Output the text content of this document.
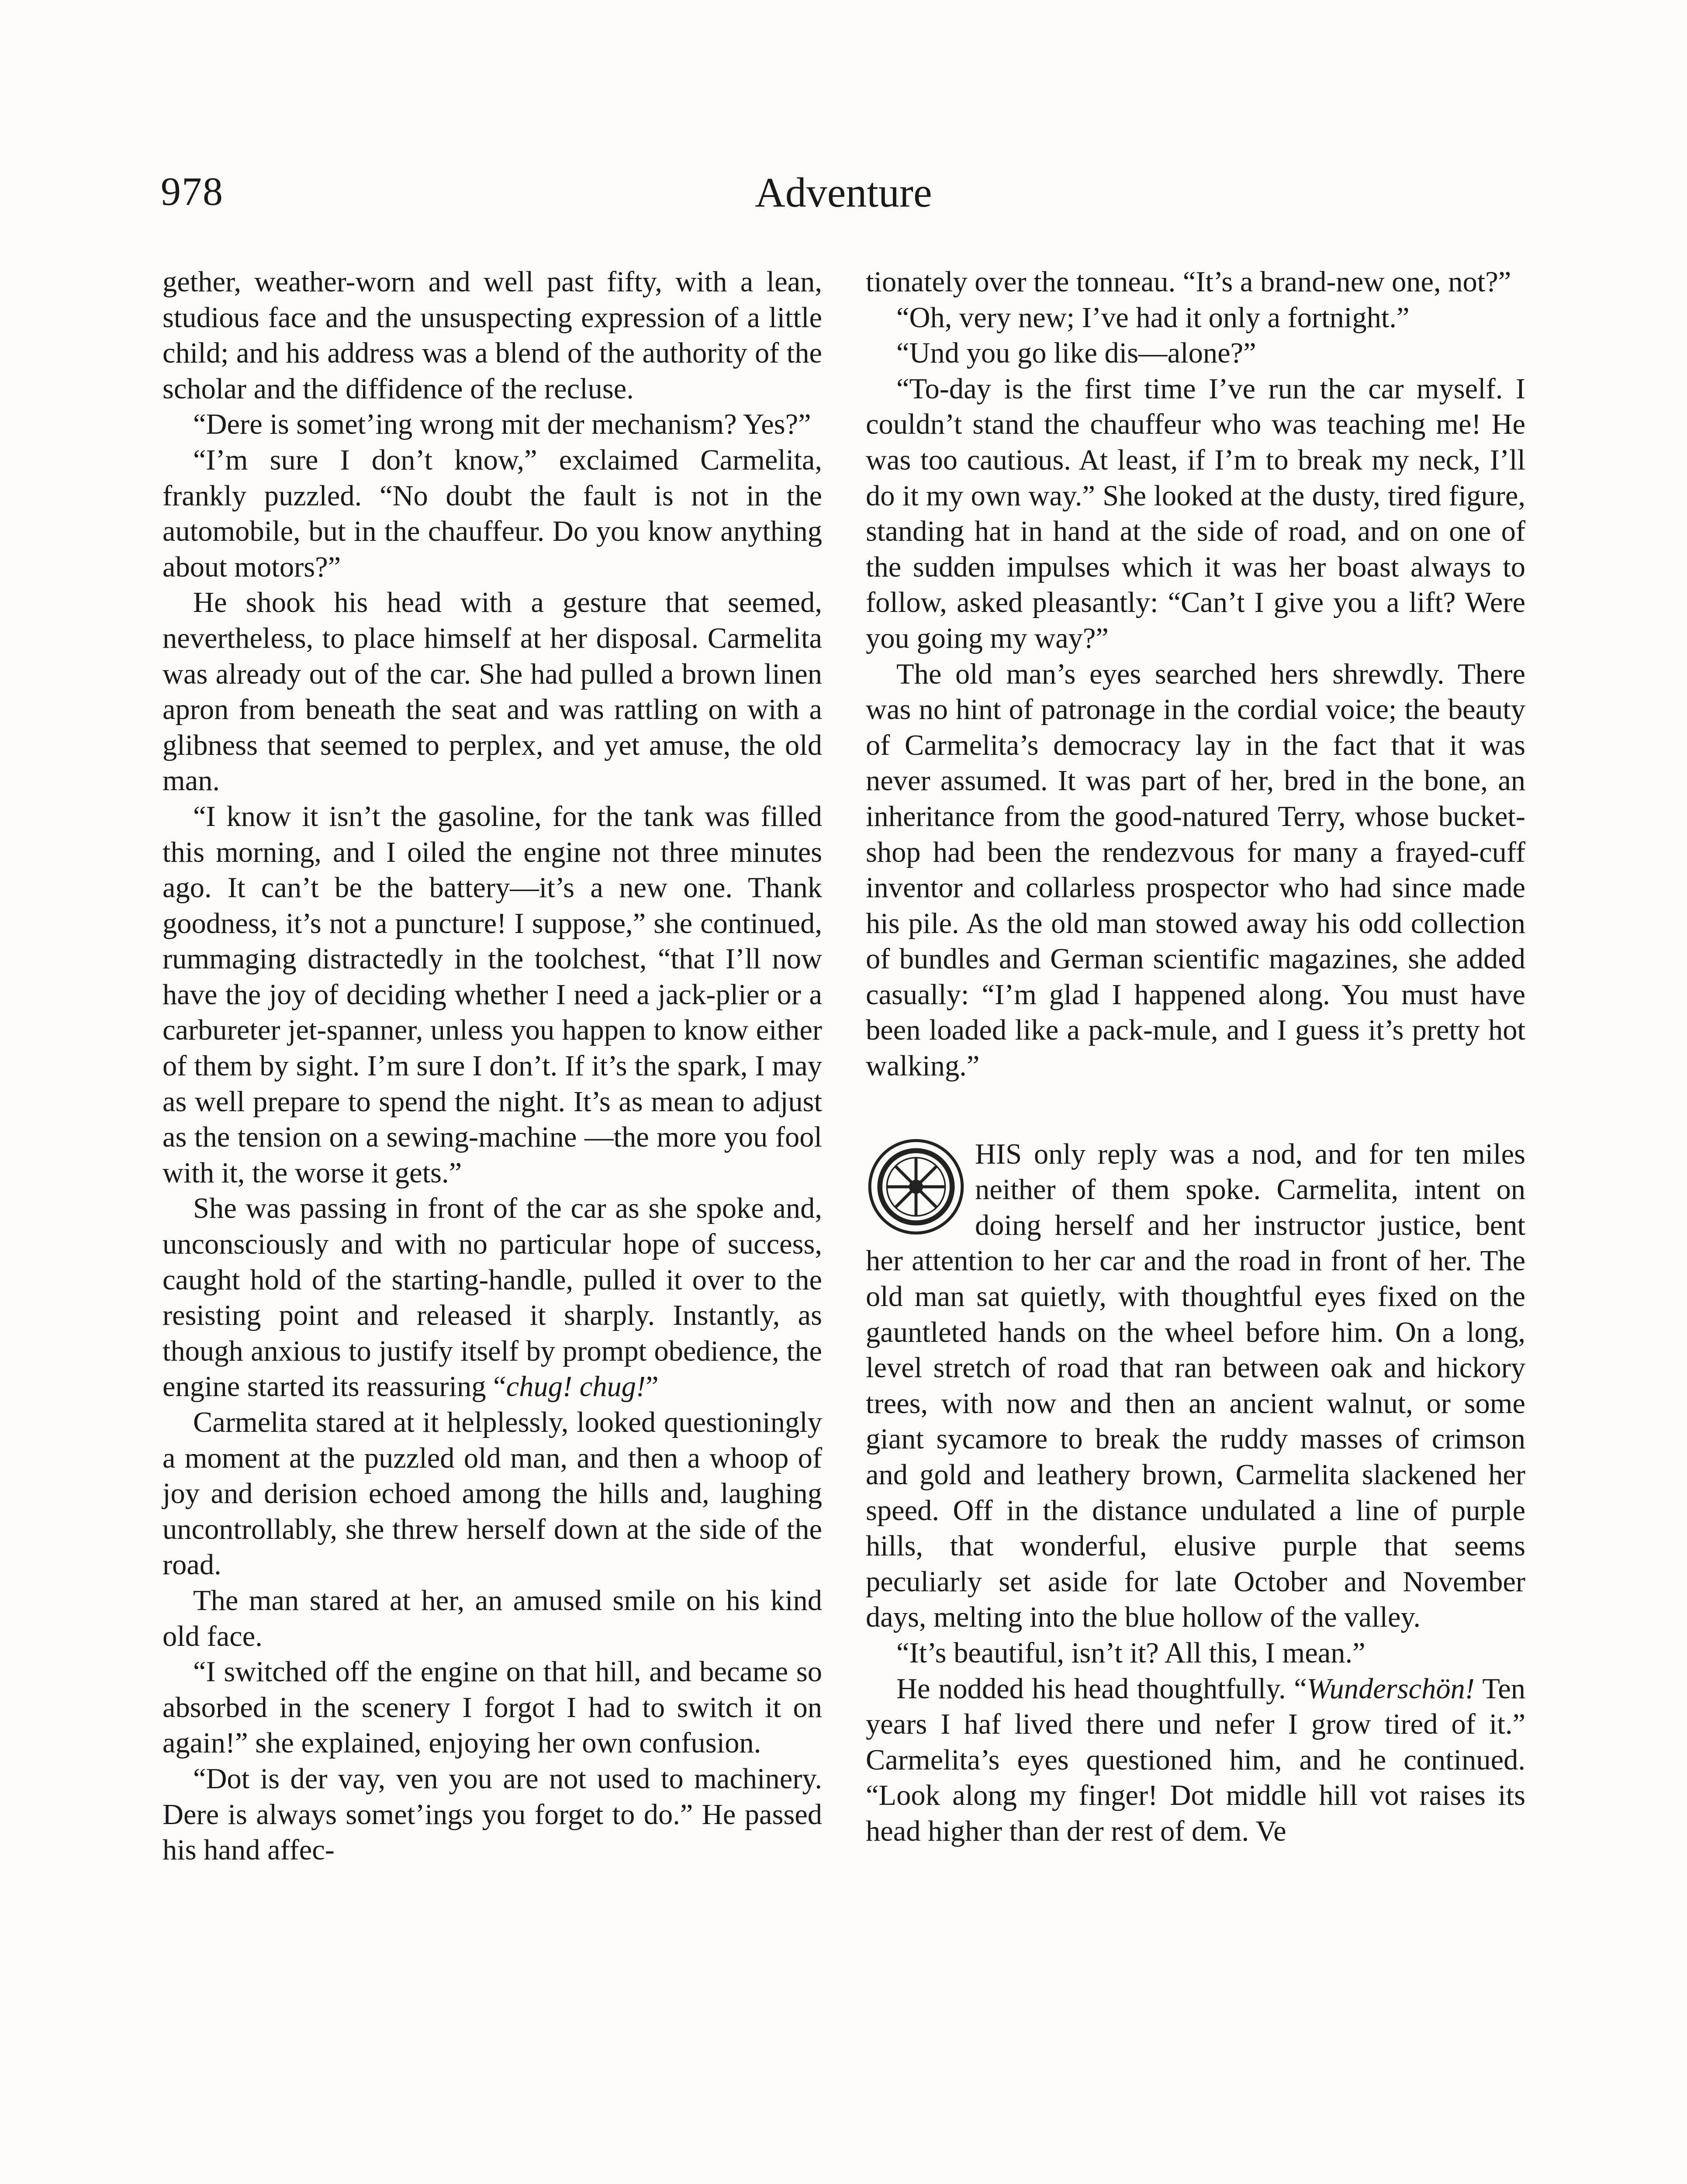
978	Adventure

gether, weather-worn and well past fifty, with a lean, studious face and the unsuspecting expression of a little child; and his address was a blend of the authority of the scholar and the diffidence of the recluse.

“Dere is somet’ing wrong mit der mechanism? Yes?”

“I’m sure I don’t know,” exclaimed Carmelita, frankly puzzled. “No doubt the fault is not in the automobile, but in the chauffeur. Do you know anything about motors?”

He shook his head with a gesture that seemed, nevertheless, to place himself at her disposal. Carmelita was already out of the car. She had pulled a brown linen apron from beneath the seat and was rattling on with a glibness that seemed to perplex, and yet amuse, the old man.

“I know it isn’t the gasoline, for the tank was filled this morning, and I oiled the engine not three minutes ago. It can’t be the battery—it’s a new one. Thank goodness, it’s not a puncture! I suppose,” she continued, rummaging distractedly in the toolchest, “that I’ll now have the joy of deciding whether I need a jack-plier or a carbureter jet-spanner, unless you happen to know either of them by sight. I’m sure I don’t. If it’s the spark, I may as well prepare to spend the night. It’s as mean to adjust as the tension on a sewing-machine —the more you fool with it, the worse it gets.”

She was passing in front of the car as she spoke and, unconsciously and with no particular hope of success, caught hold of the starting-handle, pulled it over to the resisting point and released it sharply. Instantly, as though anxious to justify itself by prompt obedience, the engine started its reassuring “chug! chug!”

Carmelita stared at it helplessly, looked questioningly a moment at the puzzled old man, and then a whoop of joy and derision echoed among the hills and, laughing uncontrollably, she threw herself down at the side of the road.

The man stared at her, an amused smile on his kind old face.

“I switched off the engine on that hill, and became so absorbed in the scenery I forgot I had to switch it on again!” she explained, enjoying her own confusion.

“Dot is der vay, ven you are not used to machinery. Dere is always somet’ings you forget to do.” He passed his hand affec-

tionately over the tonneau. “It’s a brand-new one, not?”

“Oh, very new; I’ve had it only a fortnight.”

“Und you go like dis—alone?”

“To-day is the first time I’ve run the car myself. I couldn’t stand the chauffeur who was teaching me! He was too cautious. At least, if I’m to break my neck, I’ll do it my own way.” She looked at the dusty, tired figure, standing hat in hand at the side of road, and on one of the sudden impulses which it was her boast always to follow, asked pleasantly: “Can’t I give you a lift? Were you going my way?”

The old man’s eyes searched hers shrewdly. There was no hint of patronage in the cordial voice; the beauty of Carmelita’s democracy lay in the fact that it was never assumed. It was part of her, bred in the bone, an inheritance from the good-natured Terry, whose bucket-shop had been the rendezvous for many a frayed-cuff inventor and collarless prospector who had since made his pile. As the old man stowed away his odd collection of bundles and German scientific magazines, she added casually: “I’m glad I happened along. You must have been loaded like a pack-mule, and I guess it’s pretty hot walking.”

HIS only reply was a nod, and for ten miles neither of them spoke. Carmelita, intent on doing herself and her instructor justice, bent her attention to her car and the road in front of her. The old man sat quietly, with thoughtful eyes fixed on the gauntleted hands on the wheel before him. On a long, level stretch of road that ran between oak and hickory trees, with now and then an ancient walnut, or some giant sycamore to break the ruddy masses of crimson and gold and leathery brown, Carmelita slackened her speed. Off in the distance undulated a line of purple hills, that wonderful, elusive purple that seems peculiarly set aside for late October and November days, melting into the blue hollow of the valley.

“It’s beautiful, isn’t it? All this, I mean.”

He nodded his head thoughtfully. “Wunderschön! Ten years I haf lived there und nefer I grow tired of it.” Carmelita’s eyes questioned him, and he continued. “Look along my finger! Dot middle hill vot raises its head higher than der rest of dem. Ve
